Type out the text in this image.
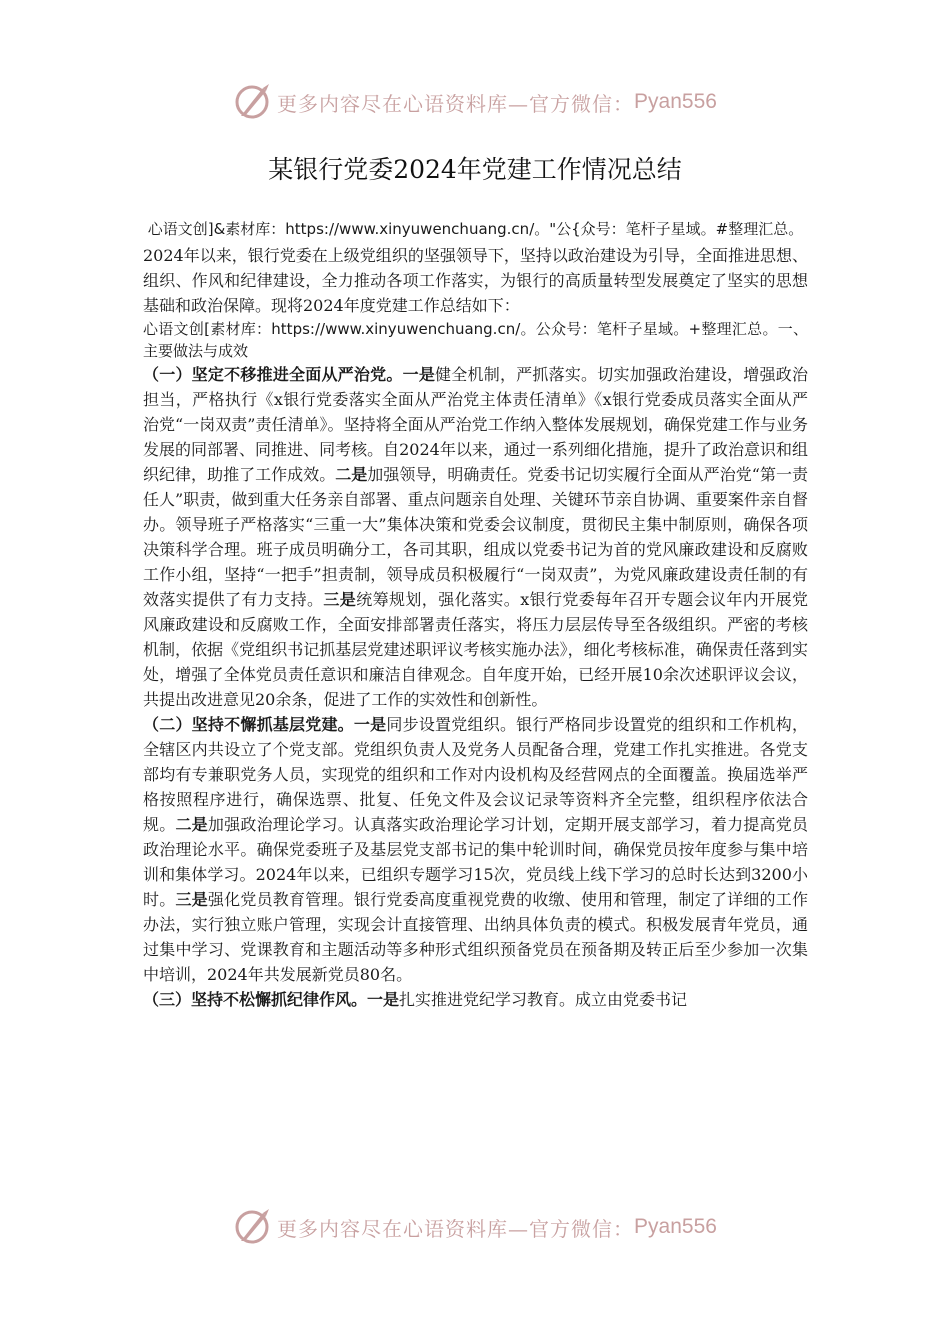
更多内容尽在心语资料库—官方微信： Pyan556
某银行党委2024年党建工作情况总结

心语文创]&素材库：https://www.xinyuwenchuang.cn/。"公{众号：笔杆子星域。#整理汇总。

2024年以来，银行党委在上级党组织的坚强领导下，坚持以政治建设为引导，全面推进思想、组织、作风和纪律建设，全力推动各项工作落实，为银行的高质量转型发展奠定了坚实的思想基础和政治保障。现将2024年度党建工作总结如下：

心语文创[素材库：https://www.xinyuwenchuang.cn/。公众号：笔杆子星域。+整理汇总。一、主要做法与成效

（一）坚定不移推进全面从严治党。一是健全机制，严抓落实。切实加强政治建设，增强政治担当，严格执行《x银行党委落实全面从严治党主体责任清单》《x银行党委成员落实全面从严治党“一岗双责”责任清单》。坚持将全面从严治党工作纳入整体发展规划，确保党建工作与业务发展的同部署、同推进、同考核。自2024年以来，通过一系列细化措施，提升了政治意识和组织纪律，助推了工作成效。二是加强领导，明确责任。党委书记切实履行全面从严治党“第一责任人”职责，做到重大任务亲自部署、重点问题亲自处理、关键环节亲自协调、重要案件亲自督办。领导班子严格落实“三重一大”集体决策和党委会议制度，贯彻民主集中制原则，确保各项决策科学合理。班子成员明确分工，各司其职，组成以党委书记为首的党风廉政建设和反腐败工作小组，坚持“一把手”担责制，领导成员积极履行“一岗双责”，为党风廉政建设责任制的有效落实提供了有力支持。三是统筹规划，强化落实。x银行党委每年召开专题会议年内开展党风廉政建设和反腐败工作，全面安排部署责任落实，将压力层层传导至各级组织。严密的考核机制，依据《党组织书记抓基层党建述职评议考核实施办法》，细化考核标准，确保责任落到实处，增强了全体党员责任意识和廉洁自律观念。自年度开始，已经开展10余次述职评议会议，共提出改进意见20余条，促进了工作的实效性和创新性。

（二）坚持不懈抓基层党建。一是同步设置党组织。银行严格同步设置党的组织和工作机构，全辖区内共设立了个党支部。党组织负责人及党务人员配备合理，党建工作扎实推进。各党支部均有专兼职党务人员，实现党的组织和工作对内设机构及经营网点的全面覆盖。换届选举严格按照程序进行，确保选票、批复、任免文件及会议记录等资料齐全完整，组织程序依法合规。二是加强政治理论学习。认真落实政治理论学习计划，定期开展支部学习，着力提高党员政治理论水平。确保党委班子及基层党支部书记的集中轮训时间，确保党员按年度参与集中培训和集体学习。2024年以来，已组织专题学习15次，党员线上线下学习的总时长达到3200小时。三是强化党员教育管理。银行党委高度重视党费的收缴、使用和管理，制定了详细的工作办法，实行独立账户管理，实现会计直接管理、出纳具体负责的模式。积极发展青年党员，通过集中学习、党课教育和主题活动等多种形式组织预备党员在预备期及转正后至少参加一次集中培训，2024年共发展新党员80名。

（三）坚持不松懈抓纪律作风。一是扎实推进党纪学习教育。成立由党委书记

更多内容尽在心语资料库—官方微信： Pyan556
